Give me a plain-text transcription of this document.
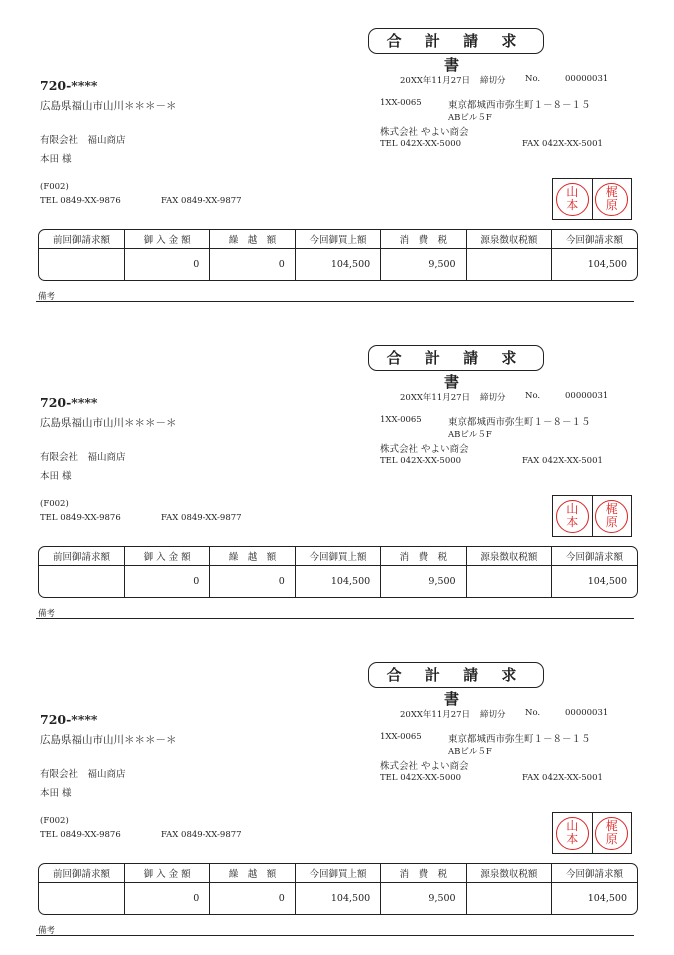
合 計 請 求 書
720-****
広島県福山市山川＊＊＊－＊
有限会社　福山商店
本田 様
(F002)
TEL 0849-XX-9876	FAX 0849-XX-9877
20XX年11月27日 締切分 No.	00000031
1XX-0065	東京都城西市弥生町１－８－１５
ABビル５F
株式会社 やよい商会
TEL 042X-XX-5000	FAX 042X-XX-5001
山
本
梶
原
前回御請求額	御 入 金 額	繰　越　額	今回御買上額	消　費　税	源泉徴収税額	今回御請求額
	0	0	104,500	9,500		104,500
備考
合 計 請 求 書
720-****
広島県福山市山川＊＊＊－＊
有限会社　福山商店
本田 様
(F002)
TEL 0849-XX-9876	FAX 0849-XX-9877
20XX年11月27日 締切分 No.	00000031
1XX-0065	東京都城西市弥生町１－８－１５
ABビル５F
株式会社 やよい商会
TEL 042X-XX-5000	FAX 042X-XX-5001
山
本
梶
原
前回御請求額	御 入 金 額	繰　越　額	今回御買上額	消　費　税	源泉徴収税額	今回御請求額
	0	0	104,500	9,500		104,500
備考
合 計 請 求 書
720-****
広島県福山市山川＊＊＊－＊
有限会社　福山商店
本田 様
(F002)
TEL 0849-XX-9876	FAX 0849-XX-9877
20XX年11月27日 締切分 No.	00000031
1XX-0065	東京都城西市弥生町１－８－１５
ABビル５F
株式会社 やよい商会
TEL 042X-XX-5000	FAX 042X-XX-5001
山
本
梶
原
前回御請求額	御 入 金 額	繰　越　額	今回御買上額	消　費　税	源泉徴収税額	今回御請求額
	0	0	104,500	9,500		104,500
備考
